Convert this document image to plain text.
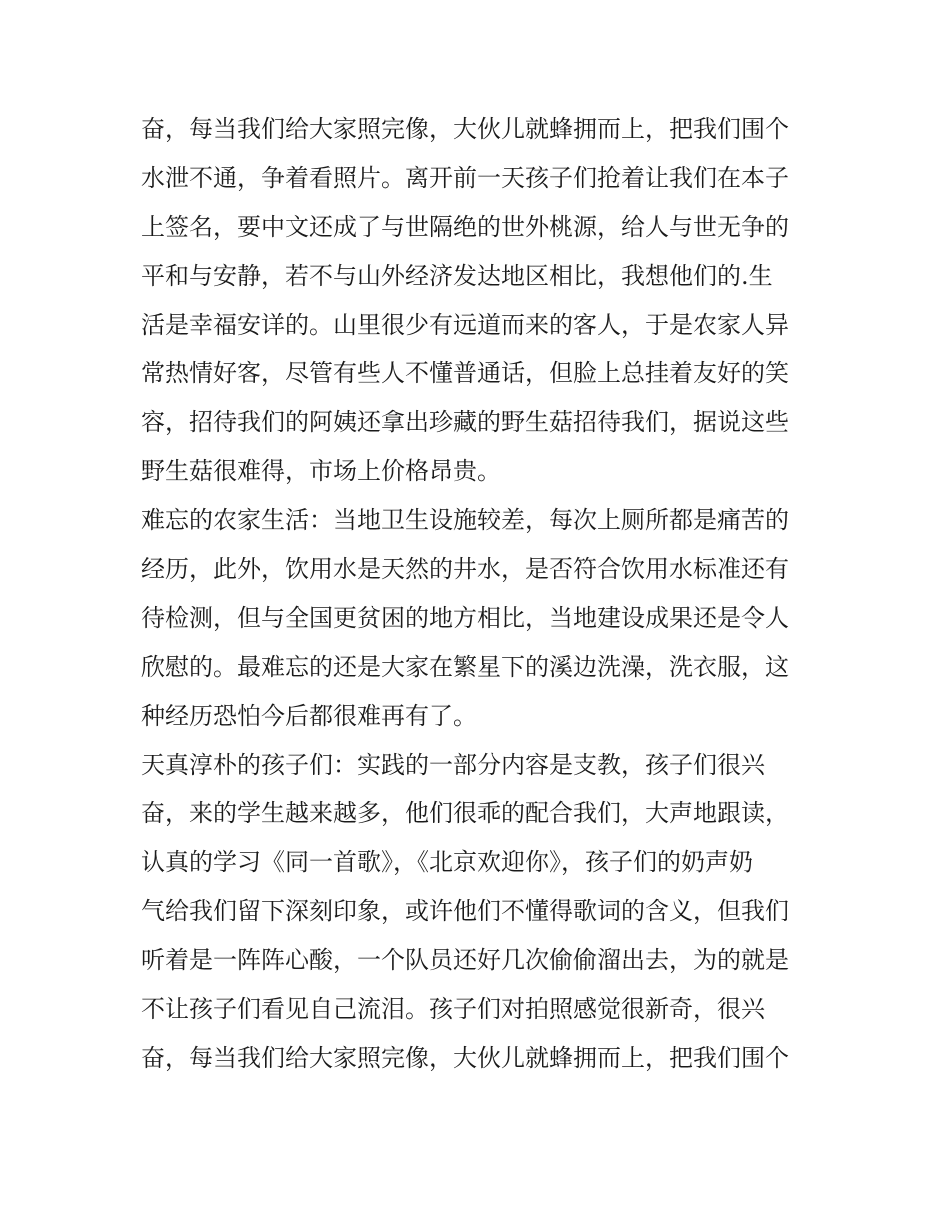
奋，每当我们给大家照完像，大伙儿就蜂拥而上，把我们围个
水泄不通，争着看照片。离开前一天孩子们抢着让我们在本子
上签名，要中文还成了与世隔绝的世外桃源，给人与世无争的
平和与安静，若不与山外经济发达地区相比，我想他们的.生
活是幸福安详的。山里很少有远道而来的客人，于是农家人异
常热情好客，尽管有些人不懂普通话，但脸上总挂着友好的笑
容，招待我们的阿姨还拿出珍藏的野生菇招待我们，据说这些
野生菇很难得，市场上价格昂贵。
难忘的农家生活：当地卫生设施较差，每次上厕所都是痛苦的
经历，此外，饮用水是天然的井水，是否符合饮用水标准还有
待检测，但与全国更贫困的地方相比，当地建设成果还是令人
欣慰的。最难忘的还是大家在繁星下的溪边洗澡，洗衣服，这
种经历恐怕今后都很难再有了。
天真淳朴的孩子们：实践的一部分内容是支教，孩子们很兴
奋，来的学生越来越多，他们很乖的配合我们，大声地跟读，
认真的学习《同一首歌》，《北京欢迎你》，孩子们的奶声奶
气给我们留下深刻印象，或许他们不懂得歌词的含义，但我们
听着是一阵阵心酸，一个队员还好几次偷偷溜出去，为的就是
不让孩子们看见自己流泪。孩子们对拍照感觉很新奇，很兴
奋，每当我们给大家照完像，大伙儿就蜂拥而上，把我们围个
